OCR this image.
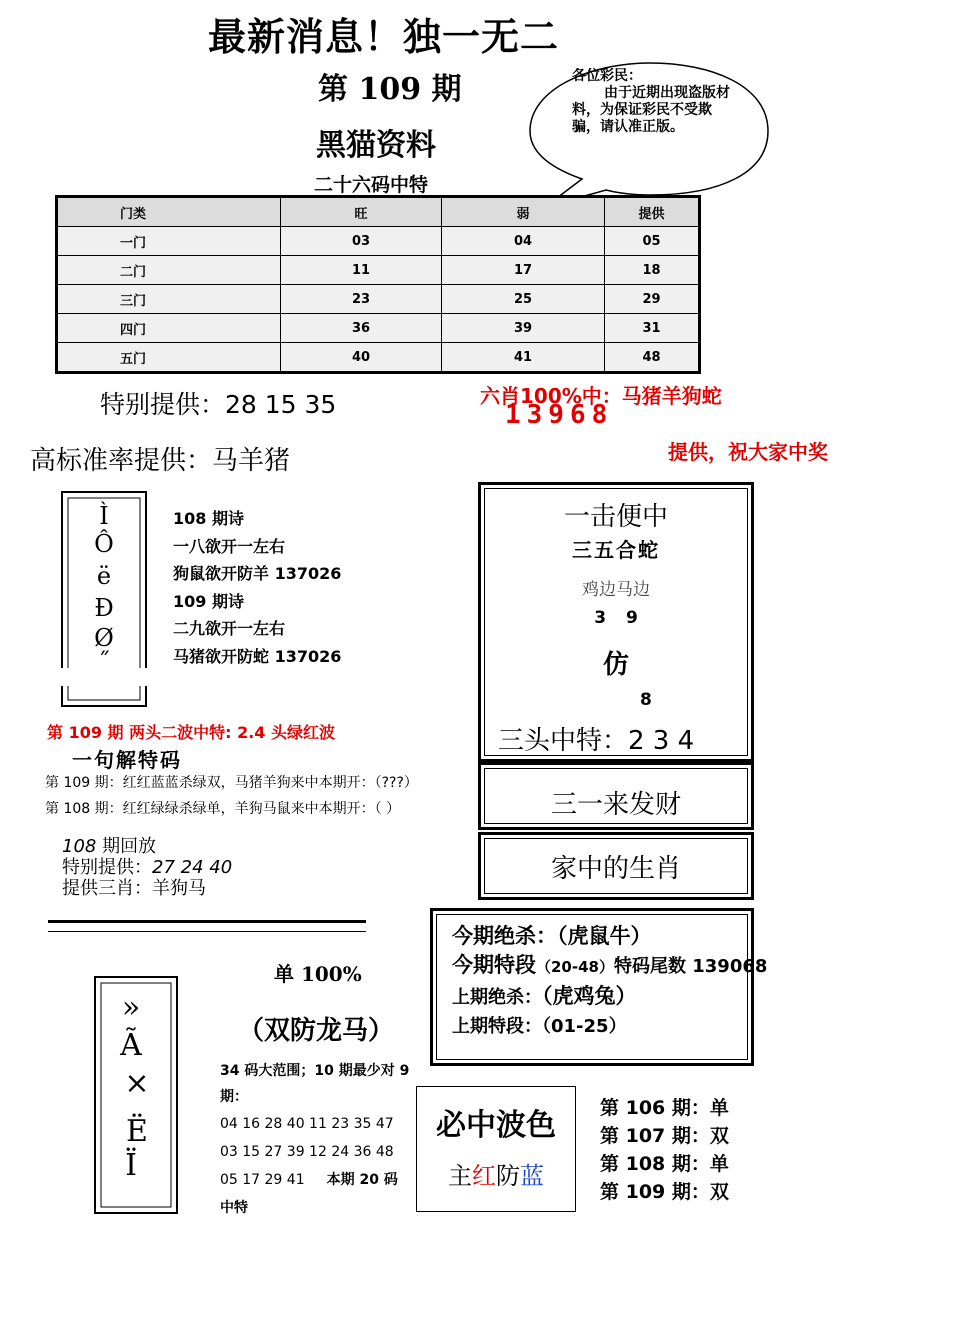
最新消息！独一无二
第 109 期
黑猫资料
二十六码中特
各位彩民：
由于近期出现盗版材料，为保证彩民不受欺骗，请认准正版。
门类	旺	弱	提供
一门	03	04	05
二门	11	17	18
三门	23	25	29
四门	36	39	31
五门	40	41	48
特别提供：28 15 35	六肖100%中：马猪羊狗蛇
13968
提供，祝大家中奖
高标准率提供：马羊猪
Ì
Ô
ë
Ð
Ø
˝
108 期诗
一八欲开一左右
狗鼠欲开防羊 137026
109 期诗
二九欲开一左右
马猪欲开防蛇 137026
第 109 期 两头二波中特: 2.4 头绿红波
一句解特码
第 109 期：红红蓝蓝杀绿双，马猪羊狗来中本期开：（???）
第 108 期：红红绿绿杀绿单，羊狗马鼠来中本期开：（ ）
108 期回放
特别提供：27 24 40
提供三肖：羊狗马
一击便中
三五合蛇
鸡边马边
3 9
仿
8
三头中特：2 3 4
三一来发财
家中的生肖
今期绝杀：（虎鼠牛）
今期特段（20-48）特码尾数 139068
上期绝杀：（虎鸡兔）
上期特段：（01-25）
»
Ã
×
Ë
Ï
单 100%
（双防龙马）
34 码大范围；10 期最少对 9 期：
04 16 28 40 11 23 35 47
03 15 27 39 12 24 36 48
05 17 29 41 本期 20 码中特
必中波色
主红防蓝
第 106 期：单
第 107 期：双
第 108 期：单
第 109 期：双
